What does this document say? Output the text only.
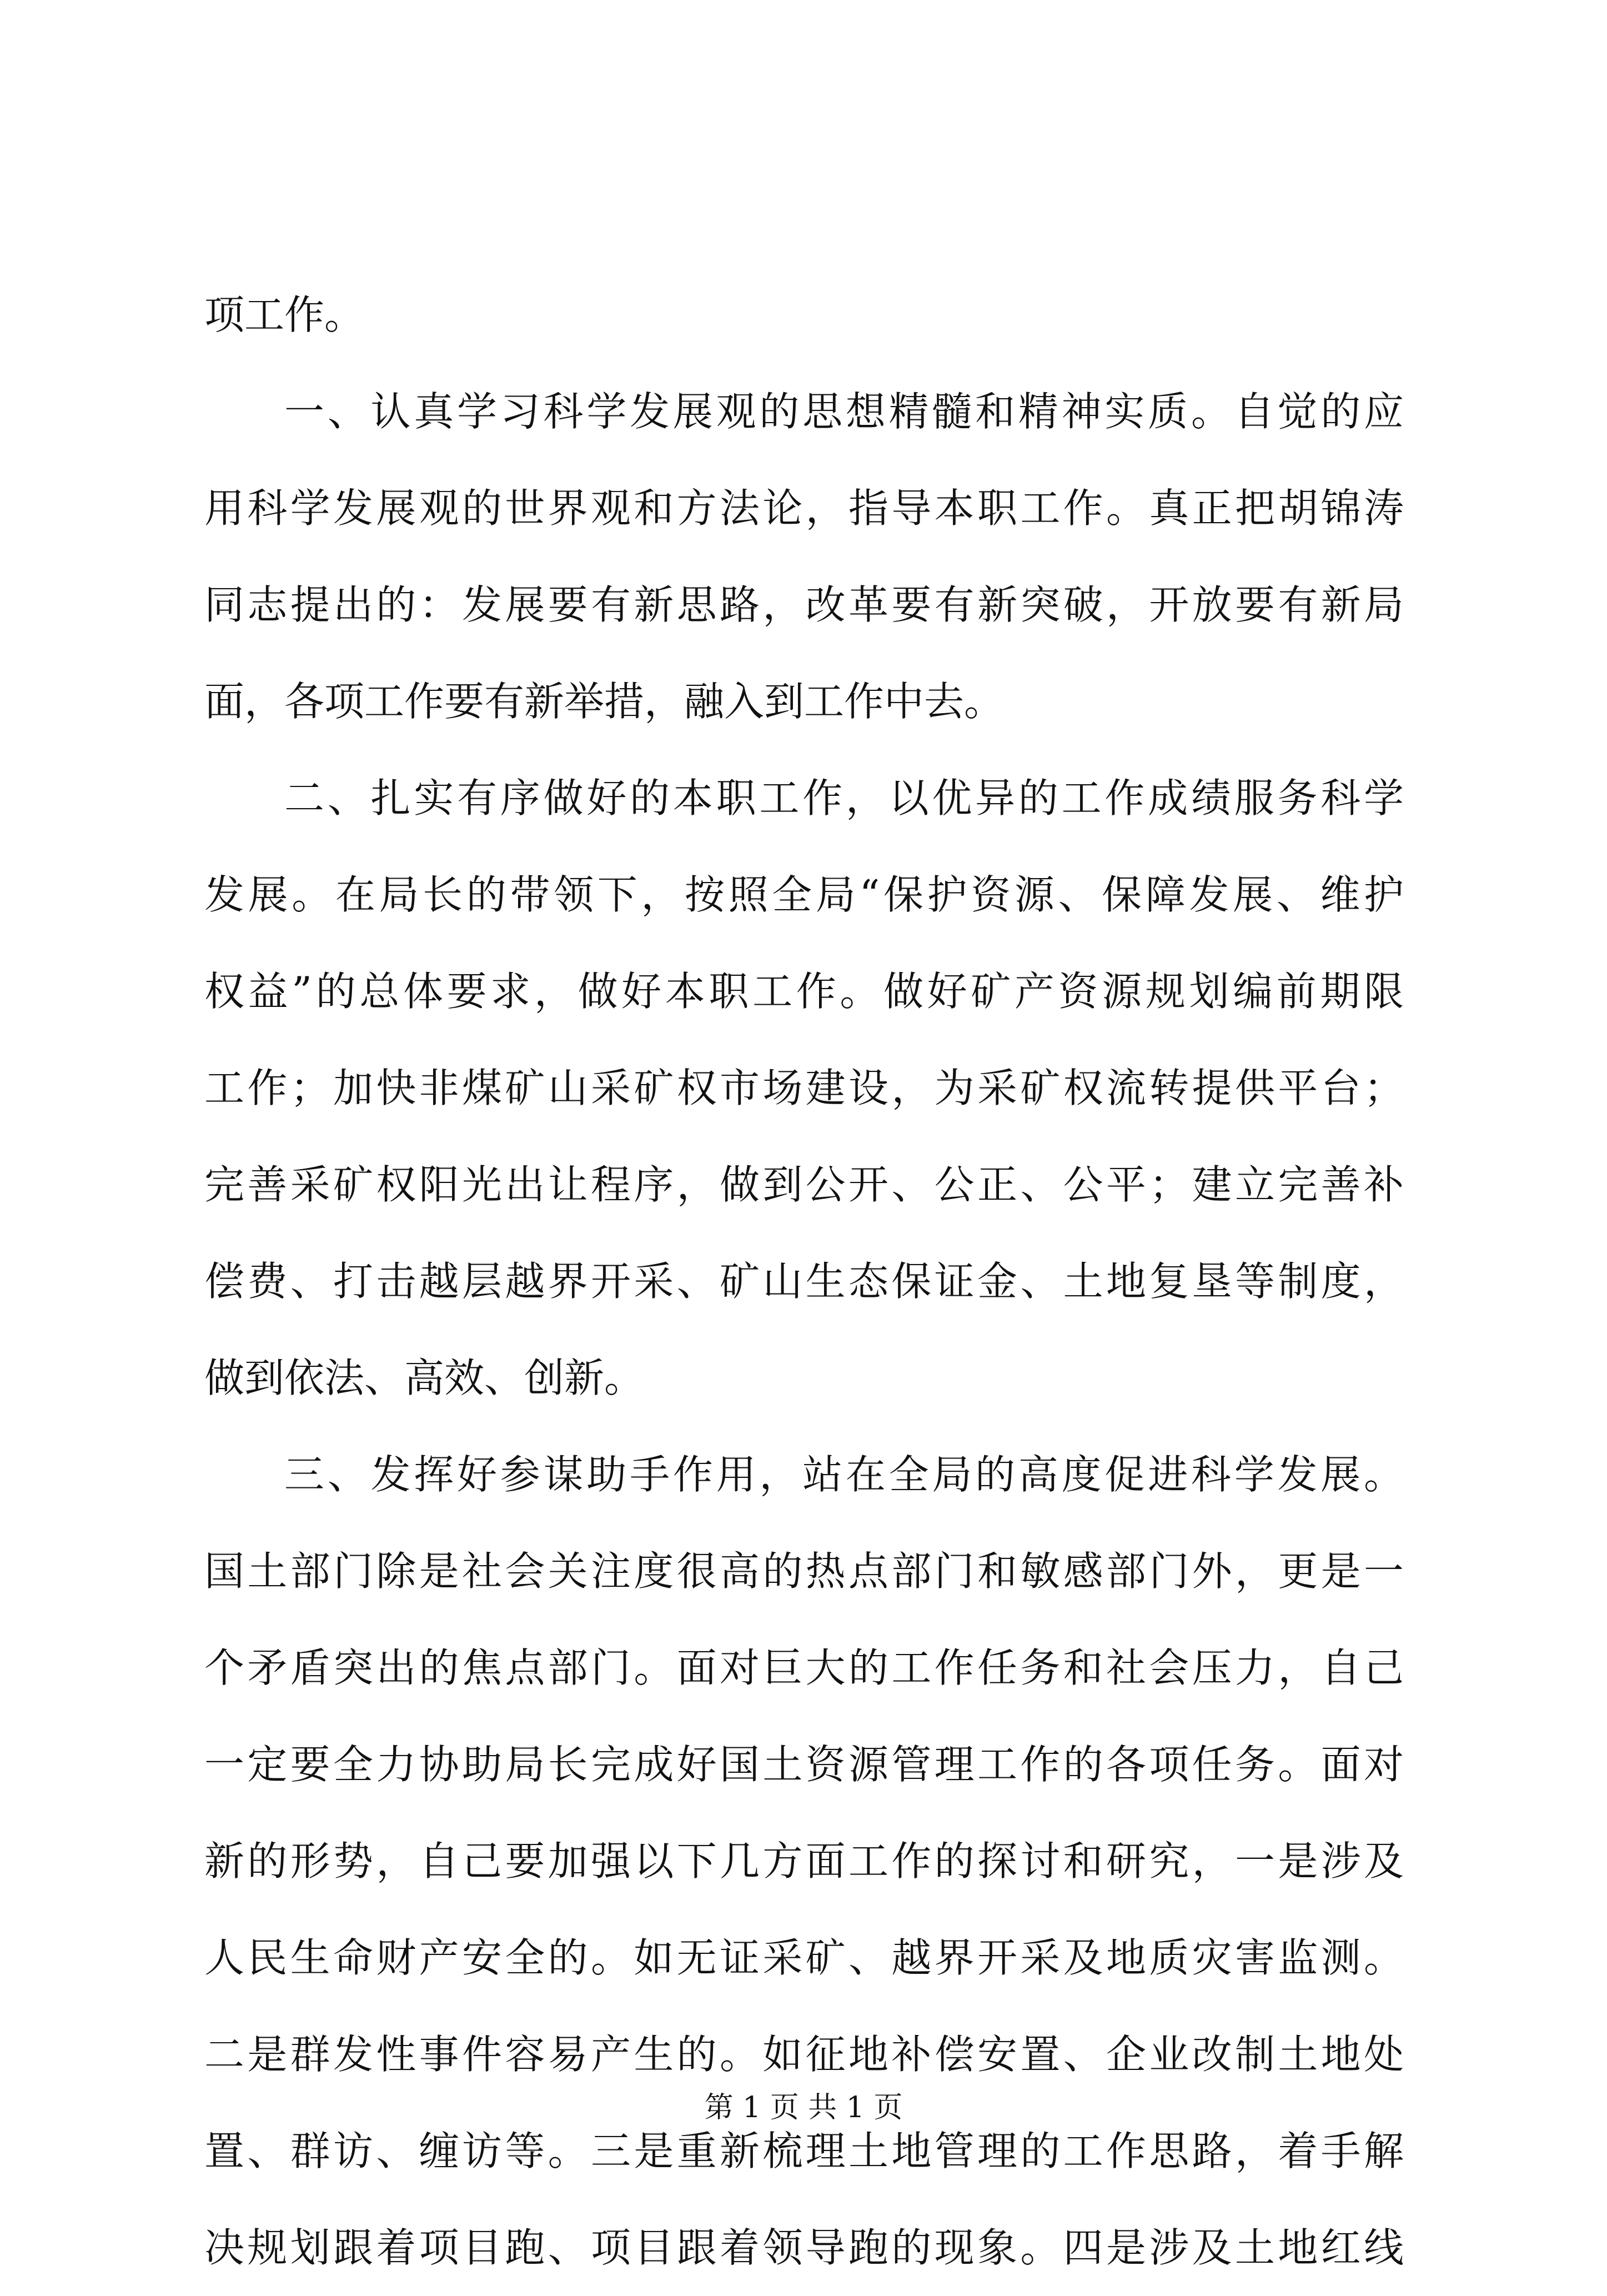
项工作。
一、认真学习科学发展观的思想精髓和精神实质。自觉的应
用科学发展观的世界观和方法论，指导本职工作。真正把胡锦涛
同志提出的：发展要有新思路，改革要有新突破，开放要有新局
面，各项工作要有新举措，融入到工作中去。
二、扎实有序做好的本职工作，以优异的工作成绩服务科学
发展。在局长的带领下，按照全局“保护资源、保障发展、维护
权益”的总体要求，做好本职工作。做好矿产资源规划编前期限
工作；加快非煤矿山采矿权市场建设，为采矿权流转提供平台；
完善采矿权阳光出让程序，做到公开、公正、公平；建立完善补
偿费、打击越层越界开采、矿山生态保证金、土地复垦等制度，
做到依法、高效、创新。
三、发挥好参谋助手作用，站在全局的高度促进科学发展。
国土部门除是社会关注度很高的热点部门和敏感部门外，更是一
个矛盾突出的焦点部门。面对巨大的工作任务和社会压力，自己
一定要全力协助局长完成好国土资源管理工作的各项任务。面对
新的形势，自己要加强以下几方面工作的探讨和研究，一是涉及
人民生命财产安全的。如无证采矿、越界开采及地质灾害监测。
二是群发性事件容易产生的。如征地补偿安置、企业改制土地处
置、群访、缠访等。三是重新梳理土地管理的工作思路，着手解
决规划跟着项目跑、项目跟着领导跑的现象。四是涉及土地红线
第 1 页 共 1 页
